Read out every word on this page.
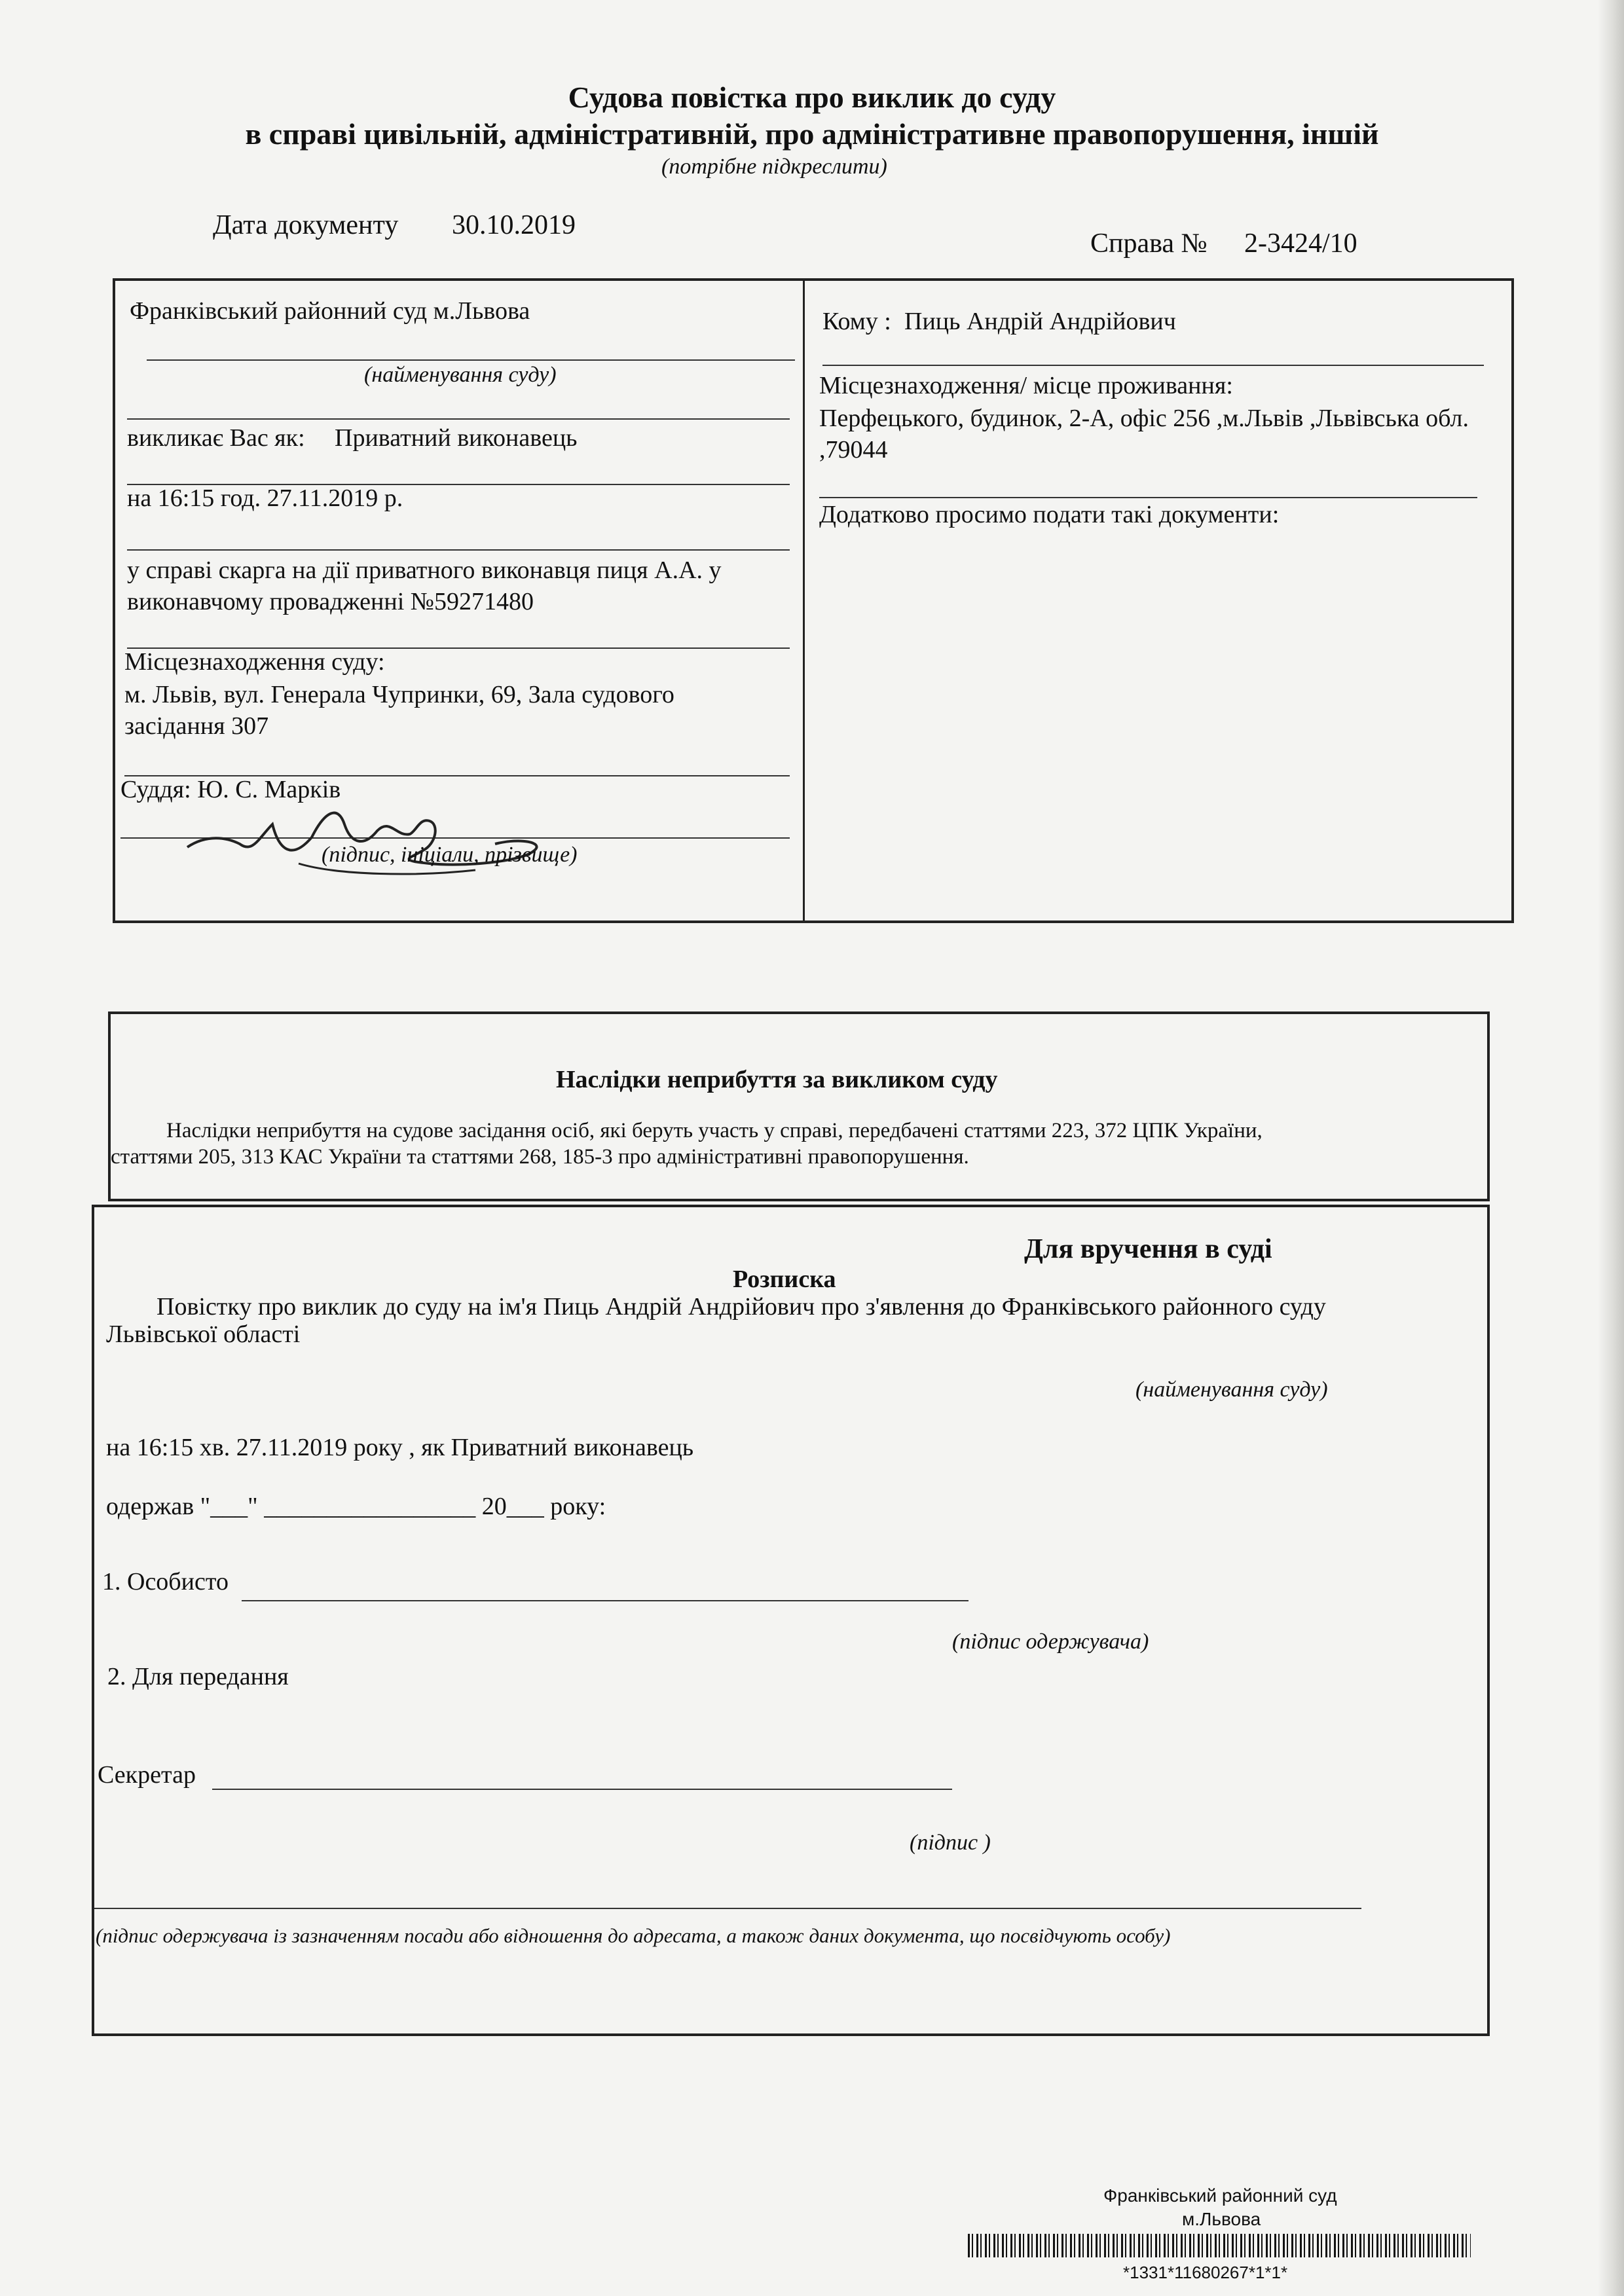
Судова повістка про виклик до суду
в справі цивільній, адміністративній, про адміністративне правопорушення, іншій
(потрібне підкреслити)
Дата документу 30.10.2019
Справа № 2-3424/10
Франківський районний суд м.Львова
(найменування суду)
викликає Вас як: Приватний виконавець
на 16:15 год. 27.11.2019 р.
у справі скарга на дії приватного виконавця пиця А.А. у виконавчому провадженні №59271480
Місцезнаходження суду:
м. Львів, вул. Генерала Чупринки, 69, Зала судового засідання 307
Суддя: Ю. С. Марків
(підпис, ініціали, прізвище)
Кому : Пиць Андрій Андрійович
Місцезнаходження/ місце проживання:
Перфецького, будинок, 2-А, офіс 256 ,м.Львів ,Львівська обл. ,79044
Додатково просимо подати такі документи:
Наслідки неприбуття за викликом суду
Наслідки неприбуття на судове засідання осіб, які беруть участь у справі, передбачені статтями 223, 372 ЦПК України,
статтями 205, 313 КАС України та статтями 268, 185-3 про адміністративні правопорушення.
Для вручення в суді
Розписка
Повістку про виклик до суду на ім'я Пиць Андрій Андрійович про з'явлення до Франківського районного суду
Львівської області
(найменування суду)
на 16:15 хв. 27.11.2019 року , як Приватний виконавець
одержав "___" _________________ 20___ року:
1. Особисто
(підпис одержувача)
2. Для передання
Секретар
(підпис )
(підпис одержувача із зазначенням посади або відношення до адресата, а також даних документа, що посвідчують особу)
Франківський районний суд
м.Львова
*1331*11680267*1*1*
